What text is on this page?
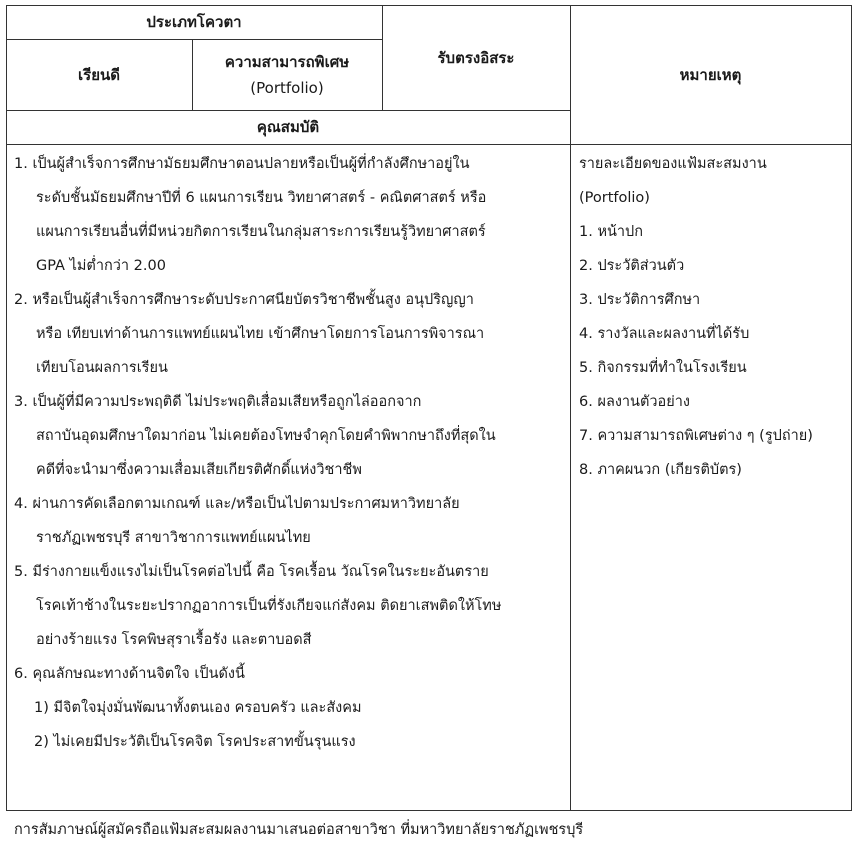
ประเภทโควตา
เรียนดี
ความสามารถพิเศษ
(Portfolio)
รับตรงอิสระ
หมายเหตุ
คุณสมบัติ
1. เป็นผู้สำเร็จการศึกษามัธยมศึกษาตอนปลายหรือเป็นผู้ที่กำลังศึกษาอยู่ใน
ระดับชั้นมัธยมศึกษาปีที่ 6 แผนการเรียน วิทยาศาสตร์ - คณิตศาสตร์ หรือ
แผนการเรียนอื่นที่มีหน่วยกิตการเรียนในกลุ่มสาระการเรียนรู้วิทยาศาสตร์
GPA ไม่ต่ำกว่า 2.00
2. หรือเป็นผู้สำเร็จการศึกษาระดับประกาศนียบัตรวิชาชีพชั้นสูง อนุปริญญา
หรือ เทียบเท่าด้านการแพทย์แผนไทย เข้าศึกษาโดยการโอนการพิจารณา
เทียบโอนผลการเรียน
3. เป็นผู้ที่มีความประพฤติดี ไม่ประพฤติเสื่อมเสียหรือถูกไล่ออกจาก
สถาบันอุดมศึกษาใดมาก่อน ไม่เคยต้องโทษจำคุกโดยคำพิพากษาถึงที่สุดใน
คดีที่จะนำมาซึ่งความเสื่อมเสียเกียรติศักดิ์แห่งวิชาชีพ
4. ผ่านการคัดเลือกตามเกณฑ์ และ/หรือเป็นไปตามประกาศมหาวิทยาลัย
ราชภัฏเพชรบุรี สาขาวิชาการแพทย์แผนไทย
5. มีร่างกายแข็งแรงไม่เป็นโรคต่อไปนี้ คือ โรคเรื้อน วัณโรคในระยะอันตราย
โรคเท้าช้างในระยะปรากฏอาการเป็นที่รังเกียจแก่สังคม ติดยาเสพติดให้โทษ
อย่างร้ายแรง โรคพิษสุราเรื้อรัง และตาบอดสี
6. คุณลักษณะทางด้านจิตใจ เป็นดังนี้
1) มีจิตใจมุ่งมั่นพัฒนาทั้งตนเอง ครอบครัว และสังคม
2) ไม่เคยมีประวัติเป็นโรคจิต โรคประสาทขั้นรุนแรง
รายละเอียดของแฟ้มสะสมงาน
(Portfolio)
1. หน้าปก
2. ประวัติส่วนตัว
3. ประวัติการศึกษา
4. รางวัลและผลงานที่ได้รับ
5. กิจกรรมที่ทำในโรงเรียน
6. ผลงานตัวอย่าง
7. ความสามารถพิเศษต่าง ๆ (รูปถ่าย)
8. ภาคผนวก (เกียรติบัตร)
การสัมภาษณ์ผู้สมัครถือแฟ้มสะสมผลงานมาเสนอต่อสาขาวิชา ที่มหาวิทยาลัยราชภัฏเพชรบุรี
